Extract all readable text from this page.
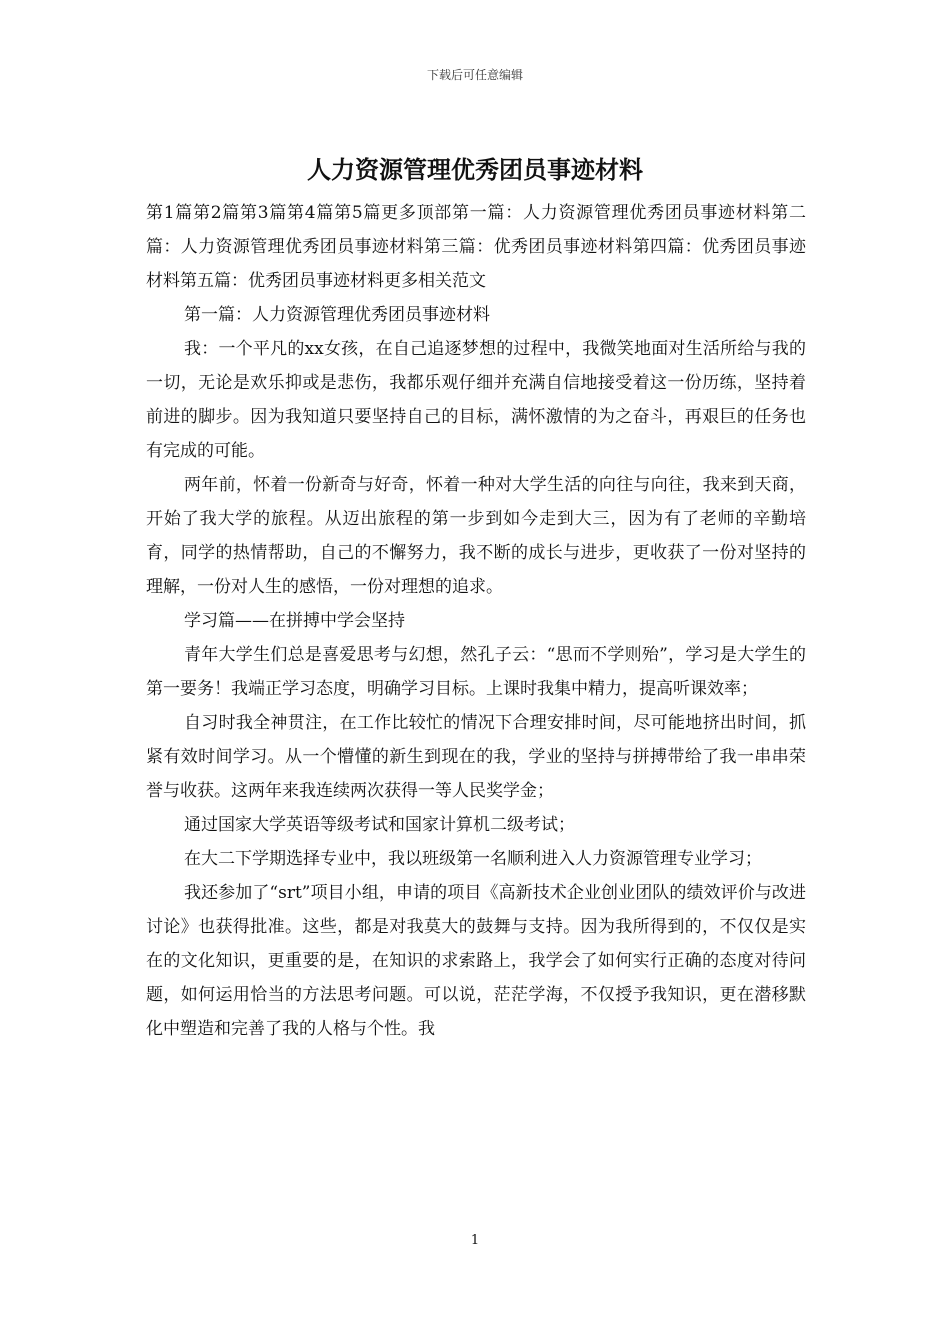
下载后可任意编辑
人力资源管理优秀团员事迹材料

第1篇第2篇第3篇第4篇第5篇更多顶部第一篇：人力资源管理优秀团员事迹材料第二篇：人力资源管理优秀团员事迹材料第三篇：优秀团员事迹材料第四篇：优秀团员事迹材料第五篇：优秀团员事迹材料更多相关范文

第一篇：人力资源管理优秀团员事迹材料

我：一个平凡的xx女孩，在自己追逐梦想的过程中，我微笑地面对生活所给与我的一切，无论是欢乐抑或是悲伤，我都乐观仔细并充满自信地接受着这一份历练，坚持着前进的脚步。因为我知道只要坚持自己的目标，满怀激情的为之奋斗，再艰巨的任务也有完成的可能。

两年前，怀着一份新奇与好奇，怀着一种对大学生活的向往与向往，我来到天商，开始了我大学的旅程。从迈出旅程的第一步到如今走到大三，因为有了老师的辛勤培育，同学的热情帮助，自己的不懈努力，我不断的成长与进步，更收获了一份对坚持的理解，一份对人生的感悟，一份对理想的追求。

学习篇——在拼搏中学会坚持

青年大学生们总是喜爱思考与幻想，然孔子云：“思而不学则殆”，学习是大学生的第一要务！我端正学习态度，明确学习目标。上课时我集中精力，提高听课效率；

自习时我全神贯注，在工作比较忙的情况下合理安排时间，尽可能地挤出时间，抓紧有效时间学习。从一个懵懂的新生到现在的我，学业的坚持与拼搏带给了我一串串荣誉与收获。这两年来我连续两次获得一等人民奖学金；

通过国家大学英语等级考试和国家计算机二级考试；

在大二下学期选择专业中，我以班级第一名顺利进入人力资源管理专业学习；

我还参加了“srt”项目小组，申请的项目《高新技术企业创业团队的绩效评价与改进讨论》也获得批准。这些，都是对我莫大的鼓舞与支持。因为我所得到的，不仅仅是实在的文化知识，更重要的是，在知识的求索路上，我学会了如何实行正确的态度对待问题，如何运用恰当的方法思考问题。可以说，茫茫学海，不仅授予我知识，更在潜移默化中塑造和完善了我的人格与个性。我

1
